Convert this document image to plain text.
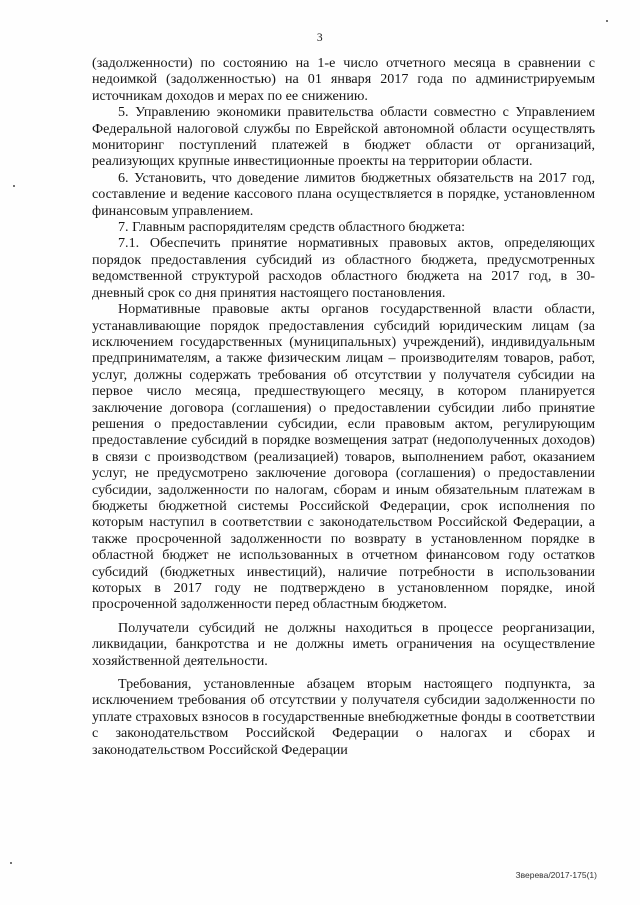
3

(задолженности) по состоянию на 1-е число отчетного месяца в сравнении с недоимкой (задолженностью) на 01 января 2017 года по администрируемым источникам доходов и мерах по ее снижению.

5. Управлению экономики правительства области совместно с Управлением Федеральной налоговой службы по Еврейской автономной области осуществлять мониторинг поступлений платежей в бюджет области от организаций, реализующих крупные инвестиционные проекты на территории области.

6. Установить, что доведение лимитов бюджетных обязательств на 2017 год, составление и ведение кассового плана осуществляется в порядке, установленном финансовым управлением.

7. Главным распорядителям средств областного бюджета:

7.1. Обеспечить принятие нормативных правовых актов, определяющих порядок предоставления субсидий из областного бюджета, предусмотренных ведомственной структурой расходов областного бюджета на 2017 год, в 30-дневный срок со дня принятия настоящего постановления.

Нормативные правовые акты органов государственной власти области, устанавливающие порядок предоставления субсидий юридическим лицам (за исключением государственных (муниципальных) учреждений), индивидуальным предпринимателям, а также физическим лицам – производителям товаров, работ, услуг, должны содержать требования об отсутствии у получателя субсидии на первое число месяца, предшествующего месяцу, в котором планируется заключение договора (соглашения) о предоставлении субсидии либо принятие решения о предоставлении субсидии, если правовым актом, регулирующим предоставление субсидий в порядке возмещения затрат (недополученных доходов) в связи с производством (реализацией) товаров, выполнением работ, оказанием услуг, не предусмотрено заключение договора (соглашения) о предоставлении субсидии, задолженности по налогам, сборам и иным обязательным платежам в бюджеты бюджетной системы Российской Федерации, срок исполнения по которым наступил в соответствии с законодательством Российской Федерации, а также просроченной задолженности по возврату в установленном порядке в областной бюджет не использованных в отчетном финансовом году остатков субсидий (бюджетных инвестиций), наличие потребности в использовании которых в 2017 году не подтверждено в установленном порядке, иной просроченной задолженности перед областным бюджетом.

Получатели субсидий не должны находиться в процессе реорганизации, ликвидации, банкротства и не должны иметь ограничения на осуществление хозяйственной деятельности.

Требования, установленные абзацем вторым настоящего подпункта, за исключением требования об отсутствии у получателя субсидии задолженности по уплате страховых взносов в государственные внебюджетные фонды в соответствии с законодательством Российской Федерации о налогах и сборах и законодательством Российской Федерации

Зверева/2017-175(1)
